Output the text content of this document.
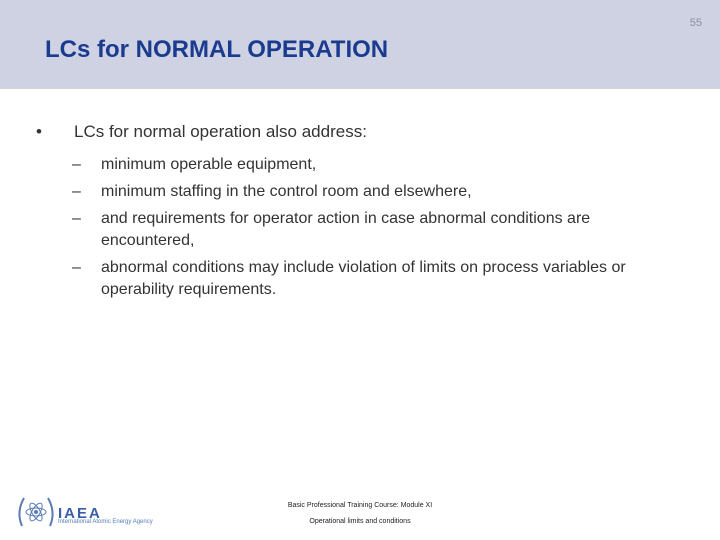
55
LCs for NORMAL OPERATION
• LCs for normal operation also address:
– minimum operable equipment,
– minimum staffing in the control room and elsewhere,
– and requirements for operator action in case abnormal conditions are encountered,
– abnormal conditions may include violation of limits on process variables or operability requirements.
IAEA
International Atomic Energy Agency
Basic Professional Training Course: Module XI
Operational limits and conditions
